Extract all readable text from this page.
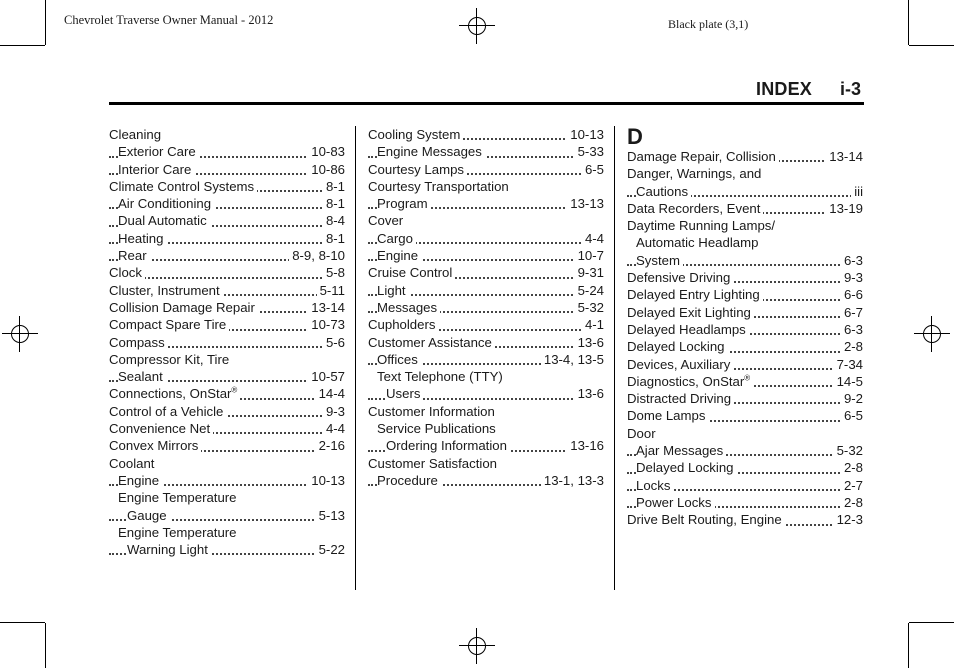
Chevrolet Traverse Owner Manual - 2012	Black plate (3,1)
INDEX i-3
Cleaning
Exterior Care	10-83
Interior Care	10-86
Climate Control Systems	8-1
Air Conditioning	8-1
Dual Automatic	8-4
Heating	8-1
Rear	8-9, 8-10
Clock	5-8
Cluster, Instrument	5-11
Collision Damage Repair	13-14
Compact Spare Tire	10-73
Compass	5-6
Compressor Kit, Tire
Sealant	10-57
Connections, OnStar®	14-4
Control of a Vehicle	9-3
Convenience Net	4-4
Convex Mirrors	2-16
Coolant
Engine	10-13
Engine Temperature
Gauge	5-13
Engine Temperature
Warning Light	5-22
Cooling System	10-13
Engine Messages	5-33
Courtesy Lamps	6-5
Courtesy Transportation
Program	13-13
Cover
Cargo	4-4
Engine	10-7
Cruise Control	9-31
Light	5-24
Messages	5-32
Cupholders	4-1
Customer Assistance	13-6
Offices	13-4, 13-5
Text Telephone (TTY)
Users	13-6
Customer Information
Service Publications
Ordering Information	13-16
Customer Satisfaction
Procedure	13-1, 13-3
D
Damage Repair, Collision	13-14
Danger, Warnings, and
Cautions	iii
Data Recorders, Event	13-19
Daytime Running Lamps/
Automatic Headlamp
System	6-3
Defensive Driving	9-3
Delayed Entry Lighting	6-6
Delayed Exit Lighting	6-7
Delayed Headlamps	6-3
Delayed Locking	2-8
Devices, Auxiliary	7-34
Diagnostics, OnStar®	14-5
Distracted Driving	9-2
Dome Lamps	6-5
Door
Ajar Messages	5-32
Delayed Locking	2-8
Locks	2-7
Power Locks	2-8
Drive Belt Routing, Engine	12-3
